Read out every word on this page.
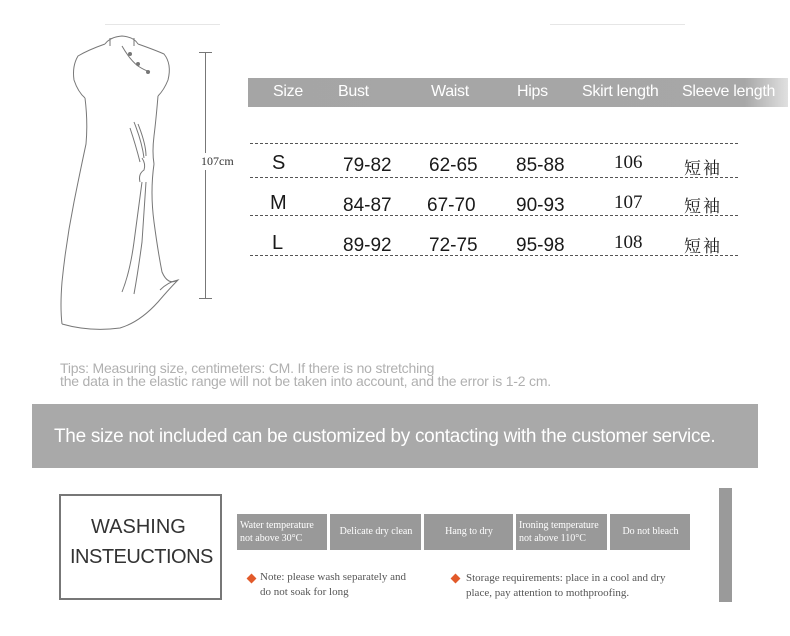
107cm
Size Bust	Waist	Hips Skirt length Sleeve length
S	79-82 62-65 85-88	106 短袖
M	84-87 67-70 90-93	107 短袖
L	89-92 72-75 95-98	108 短袖
Tips: Measuring size, centimeters: CM. If there is no stretching
the data in the elastic range will not be taken into account, and the error is 1-2 cm.
The size not included can be customized by contacting with the customer service.
WASHING
INSTEUCTIONS
Water temperature
not above 30°C
Delicate dry clean	Hang to dry
Ironing temperature
not above 110°C
Do not bleach
Note: please wash separately and
do not soak for long
Storage requirements: place in a cool and dry
place, pay attention to mothproofing.
